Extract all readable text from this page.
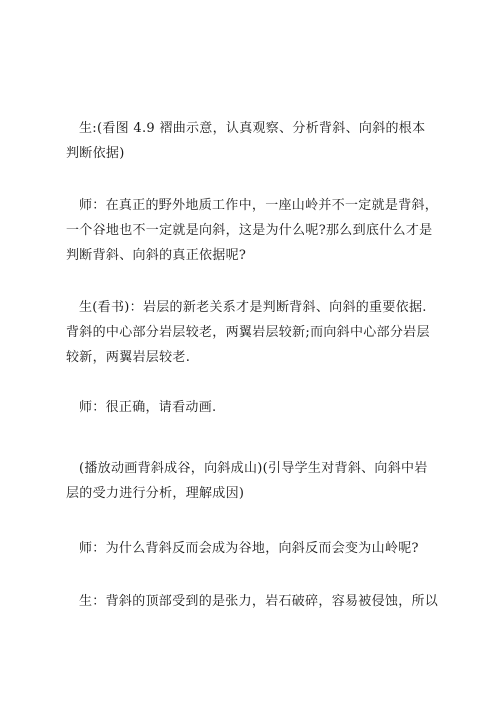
生:(看图 4.9 褶曲示意，认真观察、分析背斜、向斜的根本
判断依据)

师：在真正的野外地质工作中，一座山岭并不一定就是背斜，
一个谷地也不一定就是向斜，这是为什么呢?那么到底什么才是
判断背斜、向斜的真正依据呢?

生(看书)：岩层的新老关系才是判断背斜、向斜的重要依据.
背斜的中心部分岩层较老，两翼岩层较新;而向斜中心部分岩层
较新，两翼岩层较老.

师：很正确，请看动画.

(播放动画背斜成谷，向斜成山)(引导学生对背斜、向斜中岩
层的受力进行分析，理解成因)

师：为什么背斜反而会成为谷地，向斜反而会变为山岭呢?

生：背斜的顶部受到的是张力，岩石破碎，容易被侵蚀，所以
